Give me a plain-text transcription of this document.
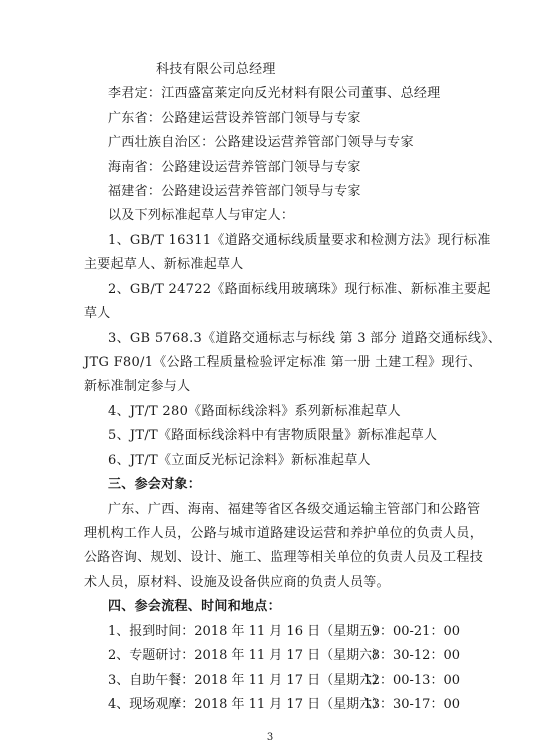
科技有限公司总经理
李君定：江西盛富莱定向反光材料有限公司董事、总经理
广东省：公路建运营设养管部门领导与专家
广西壮族自治区：公路建设运营养管部门领导与专家
海南省：公路建设运营养管部门领导与专家
福建省：公路建设运营养管部门领导与专家
以及下列标准起草人与审定人：
1、GB/T 16311《道路交通标线质量要求和检测方法》现行标准
主要起草人、新标准起草人
2、GB/T 24722《路面标线用玻璃珠》现行标准、新标准主要起
草人
3、GB 5768.3《道路交通标志与标线 第 3 部分 道路交通标线》、
JTG F80/1《公路工程质量检验评定标准 第一册 土建工程》现行、
新标准制定参与人
4、JT/T 280《路面标线涂料》系列新标准起草人
5、JT/T《路面标线涂料中有害物质限量》新标准起草人
6、JT/T《立面反光标记涂料》新标准起草人
三、参会对象：
广东、广西、海南、福建等省区各级交通运输主管部门和公路管
理机构工作人员，公路与城市道路建设运营和养护单位的负责人员，
公路咨询、规划、设计、施工、监理等相关单位的负责人员及工程技
术人员，原材料、设施及设备供应商的负责人员等。
四、参会流程、时间和地点：
1、报到时间：2018 年 11 月 16 日（星期五）
9：00-21：00
2、专题研讨：2018 年 11 月 17 日（星期六）
8：30-12：00
3、自助午餐：2018 年 11 月 17 日（星期六）
12：00-13：00
4、现场观摩：2018 年 11 月 17 日（星期六）
13：30-17：00
3
